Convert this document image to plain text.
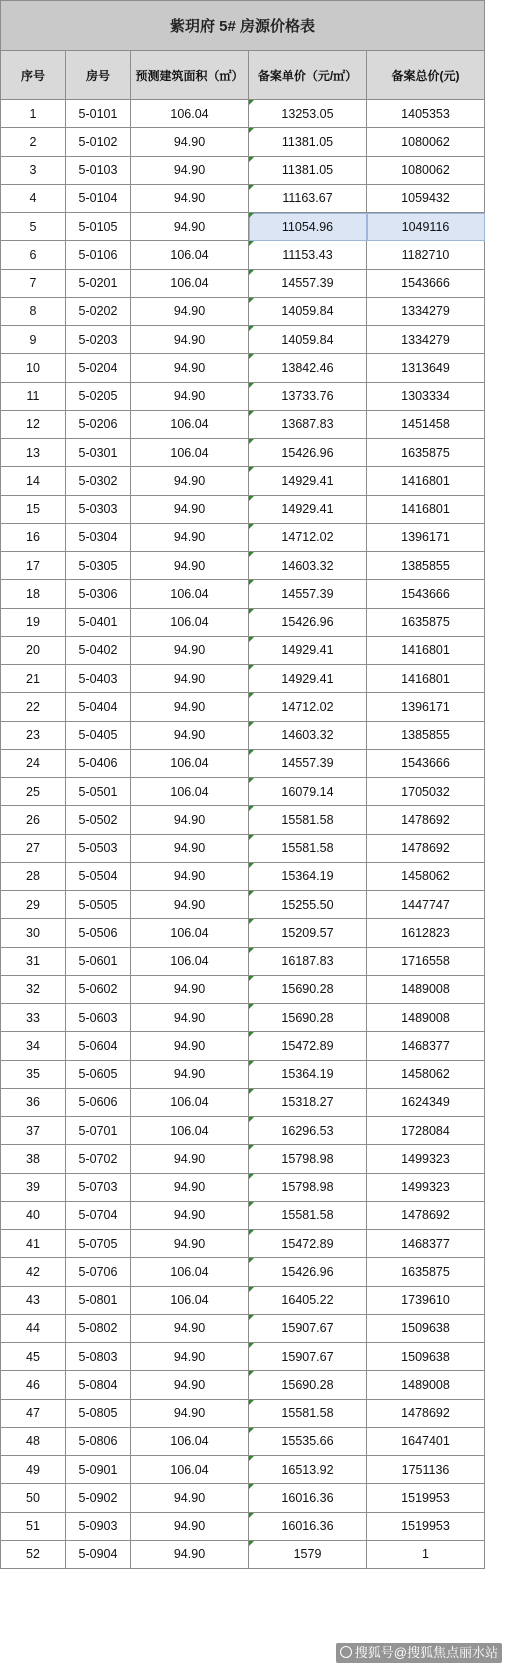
紫玥府 5# 房源价格表				
序号	房号	预测建筑面积（㎡）	备案单价（元/㎡）	备案总价(元)
1	5-0101	106.04	13253.05	1405353
2	5-0102	94.90	11381.05	1080062
3	5-0103	94.90	11381.05	1080062
4	5-0104	94.90	11163.67	1059432
5	5-0105	94.90	11054.96	1049116
6	5-0106	106.04	11153.43	1182710
7	5-0201	106.04	14557.39	1543666
8	5-0202	94.90	14059.84	1334279
9	5-0203	94.90	14059.84	1334279
10	5-0204	94.90	13842.46	1313649
11	5-0205	94.90	13733.76	1303334
12	5-0206	106.04	13687.83	1451458
13	5-0301	106.04	15426.96	1635875
14	5-0302	94.90	14929.41	1416801
15	5-0303	94.90	14929.41	1416801
16	5-0304	94.90	14712.02	1396171
17	5-0305	94.90	14603.32	1385855
18	5-0306	106.04	14557.39	1543666
19	5-0401	106.04	15426.96	1635875
20	5-0402	94.90	14929.41	1416801
21	5-0403	94.90	14929.41	1416801
22	5-0404	94.90	14712.02	1396171
23	5-0405	94.90	14603.32	1385855
24	5-0406	106.04	14557.39	1543666
25	5-0501	106.04	16079.14	1705032
26	5-0502	94.90	15581.58	1478692
27	5-0503	94.90	15581.58	1478692
28	5-0504	94.90	15364.19	1458062
29	5-0505	94.90	15255.50	1447747
30	5-0506	106.04	15209.57	1612823
31	5-0601	106.04	16187.83	1716558
32	5-0602	94.90	15690.28	1489008
33	5-0603	94.90	15690.28	1489008
34	5-0604	94.90	15472.89	1468377
35	5-0605	94.90	15364.19	1458062
36	5-0606	106.04	15318.27	1624349
37	5-0701	106.04	16296.53	1728084
38	5-0702	94.90	15798.98	1499323
39	5-0703	94.90	15798.98	1499323
40	5-0704	94.90	15581.58	1478692
41	5-0705	94.90	15472.89	1468377
42	5-0706	106.04	15426.96	1635875
43	5-0801	106.04	16405.22	1739610
44	5-0802	94.90	15907.67	1509638
45	5-0803	94.90	15907.67	1509638
46	5-0804	94.90	15690.28	1489008
47	5-0805	94.90	15581.58	1478692
48	5-0806	106.04	15535.66	1647401
49	5-0901	106.04	16513.92	1751136
50	5-0902	94.90	16016.36	1519953
51	5-0903	94.90	16016.36	1519953
52	5-0904	94.90	1579	1
搜狐号@搜狐焦点丽水站
